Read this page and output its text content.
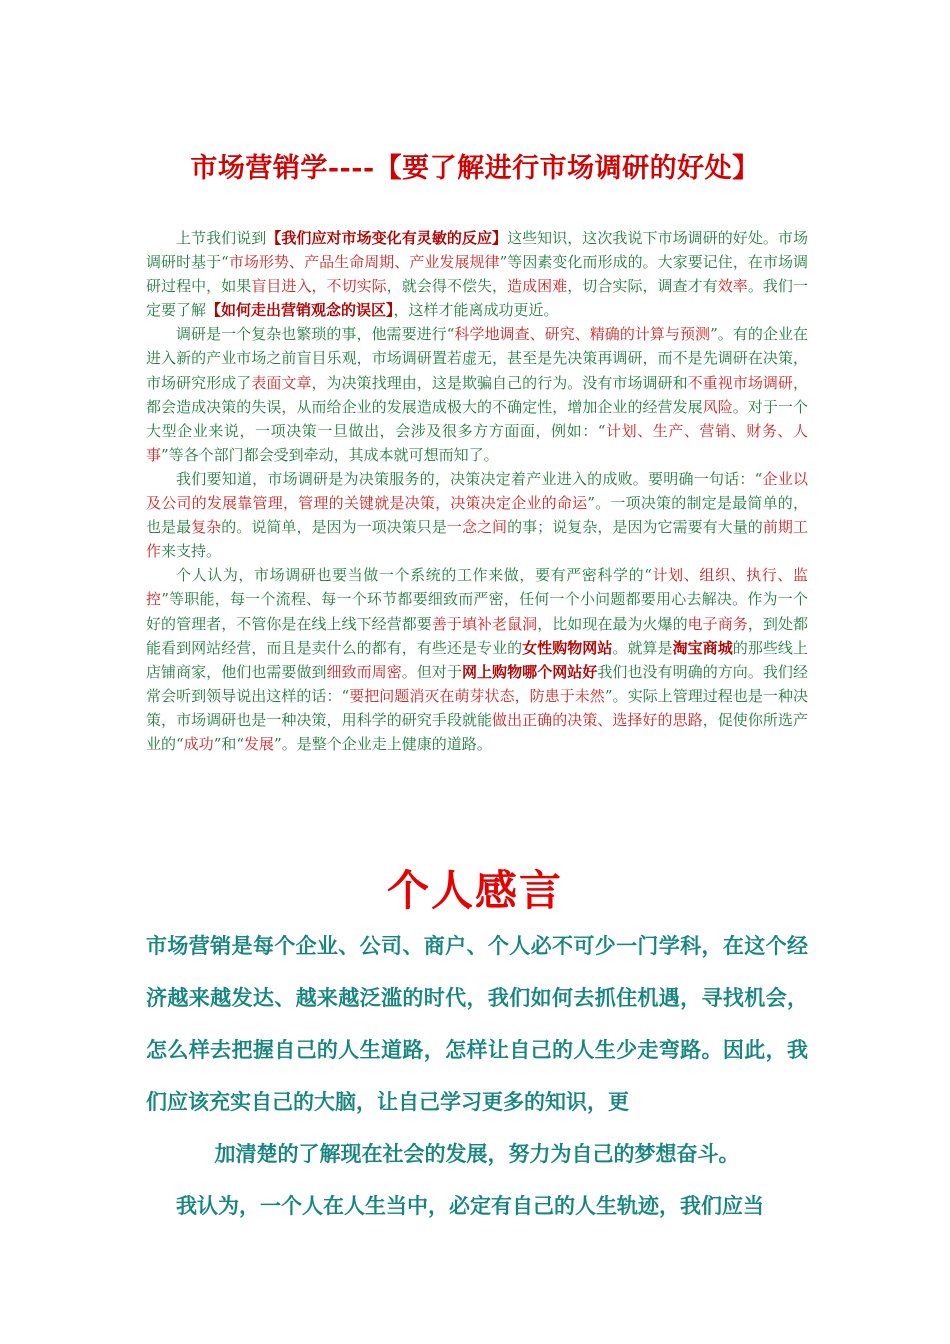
市场营销学----【要了解进行市场调研的好处】

上节我们说到【我们应对市场变化有灵敏的反应】这些知识，这次我说下市场调研的好处。市场调研时基于“市场形势、产品生命周期、产业发展规律”等因素变化而形成的。大家要记住，在市场调研过程中，如果盲目进入，不切实际，就会得不偿失，造成困难，切合实际，调查才有效率。我们一定要了解【如何走出营销观念的误区】，这样才能离成功更近。

调研是一个复杂也繁琐的事，他需要进行“科学地调查、研究、精确的计算与预测”。有的企业在进入新的产业市场之前盲目乐观，市场调研置若虚无，甚至是先决策再调研，而不是先调研在决策，市场研究形成了表面文章，为决策找理由，这是欺骗自己的行为。没有市场调研和不重视市场调研，都会造成决策的失误，从而给企业的发展造成极大的不确定性，增加企业的经营发展风险。对于一个大型企业来说，一项决策一旦做出，会涉及很多方方面面，例如：“计划、生产、营销、财务、人事”等各个部门都会受到牵动，其成本就可想而知了。

我们要知道，市场调研是为决策服务的，决策决定着产业进入的成败。要明确一句话：“企业以及公司的发展靠管理，管理的关键就是决策，决策决定企业的命运”。一项决策的制定是最简单的，也是最复杂的。说简单，是因为一项决策只是一念之间的事；说复杂，是因为它需要有大量的前期工作来支持。

个人认为，市场调研也要当做一个系统的工作来做，要有严密科学的“计划、组织、执行、监控”等职能，每一个流程、每一个环节都要细致而严密，任何一个小问题都要用心去解决。作为一个好的管理者，不管你是在线上线下经营都要善于填补老鼠洞，比如现在最为火爆的电子商务，到处都能看到网站经营，而且是卖什么的都有，有些还是专业的女性购物网站。就算是淘宝商城的那些线上店铺商家，他们也需要做到细致而周密。但对于网上购物哪个网站好我们也没有明确的方向。我们经常会听到领导说出这样的话：“要把问题消灭在萌芽状态，防患于未然”。实际上管理过程也是一种决策，市场调研也是一种决策，用科学的研究手段就能做出正确的决策、选择好的思路，促使你所选产业的“成功”和“发展”。是整个企业走上健康的道路。

个人感言

市场营销是每个企业、公司、商户、个人必不可少一门学科，在这个经济越来越发达、越来越泛滥的时代，我们如何去抓住机遇，寻找机会，怎么样去把握自己的人生道路，怎样让自己的人生少走弯路。因此，我们应该充实自己的大脑，让自己学习更多的知识，更

加清楚的了解现在社会的发展，努力为自己的梦想奋斗。

我认为，一个人在人生当中，必定有自己的人生轨迹，我们应当
